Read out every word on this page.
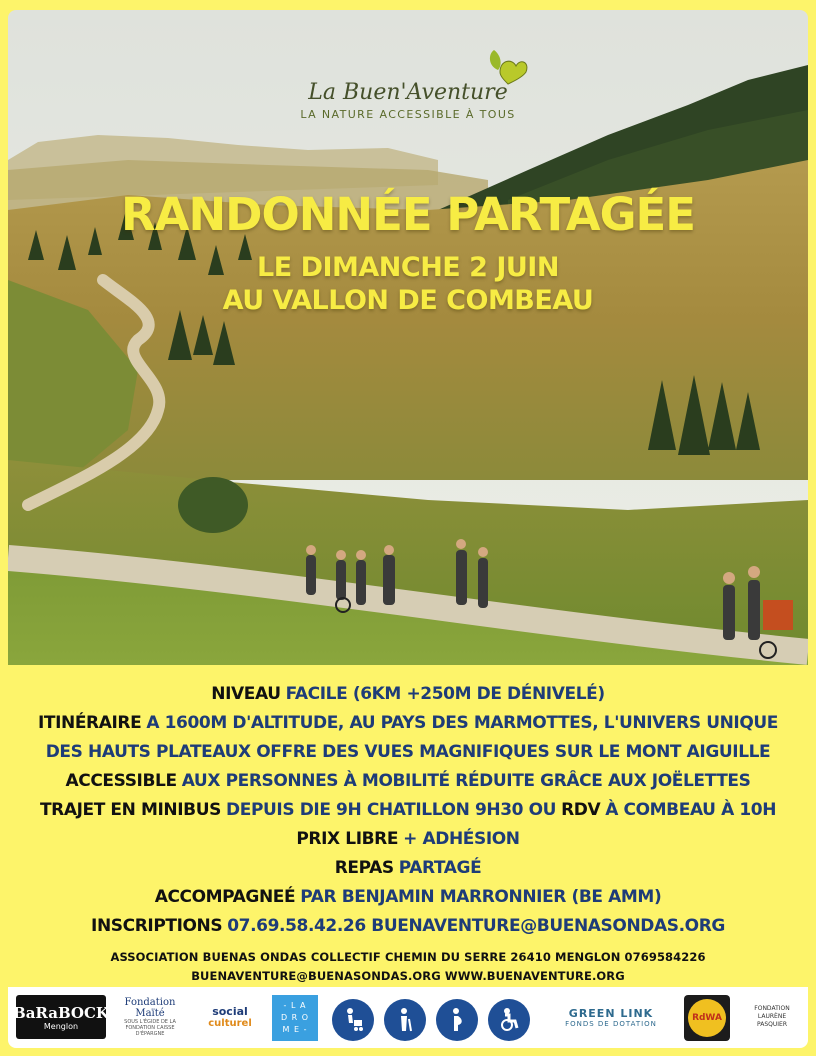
La Buen'Aventure
LA NATURE ACCESSIBLE À TOUS
RANDONNÉE PARTAGÉE
LE DIMANCHE 2 JUIN
AU VALLON DE COMBEAU
NIVEAU FACILE (6KM +250M DE DÉNIVELÉ)
ITINÉRAIRE A 1600M D'ALTITUDE, AU PAYS DES MARMOTTES, L'UNIVERS UNIQUE
DES HAUTS PLATEAUX OFFRE DES VUES MAGNIFIQUES SUR LE MONT AIGUILLE
ACCESSIBLE AUX PERSONNES À MOBILITÉ RÉDUITE GRÂCE AUX JOËLETTES
TRAJET EN MINIBUS DEPUIS DIE 9H CHATILLON 9H30 OU RDV À COMBEAU À 10H
PRIX LIBRE + ADHÉSION
REPAS PARTAGÉ
ACCOMPAGNEÉ PAR BENJAMIN MARRONNIER (BE AMM)
INSCRIPTIONS 07.69.58.42.26 BUENAVENTURE@BUENASONDAS.ORG
ASSOCIATION BUENAS ONDAS COLLECTIF CHEMIN DU SERRE 26410 MENGLON 0769584226
BUENAVENTURE@BUENASONDAS.ORG WWW.BUENAVENTURE.ORG
BaRaBOCK
Menglon
Fondation Maïté
SOUS L'ÉGIDE DE LA FONDATION CAISSE D'ÉPARGNE
social
culturel
- L A
D R O
M E -
GREEN LINK
FONDS DE DOTATION
RdWA
FONDATION LAURÈNE PASQUIER
